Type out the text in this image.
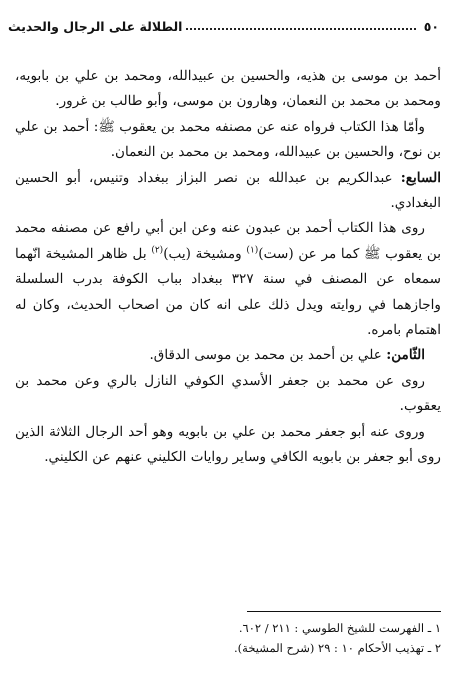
٥٠
الطلالة على الرجال والحديث

أحمد بن موسى بن هذيه، والحسين بن عبيدالله، ومحمد بن علي بن بابويه، ومحمد بن محمد بن النعمان، وهارون بن موسى، وأبو طالب بن غرور.

وأمّا هذا الكتاب فرواه عنه عن مصنفه محمد بن يعقوب ﷺ: أحمد بن علي بن نوح، والحسين بن عبيدالله، ومحمد بن محمد بن النعمان.

السابع: عبدالكريم بن عبدالله بن نصر البزاز ببغداد وتنيس، أبو الحسين البغدادي.

روى هذا الكتاب أحمد بن عبدون عنه وعن ابن أبي رافع عن مصنفه محمد بن يعقوب ﷺ كما مر عن (ست)$^{(١)}$ ومشيخة (يب)$^{(٢)}$ بل ظاهر المشيخة انّهما سمعاه عن المصنف في سنة ٣٢٧ ببغداد بباب الكوفة بدرب السلسلة واجازهما في روايته ويدل ذلك على انه كان من اصحاب الحديث، وكان له اهتمام بامره.

الثّامن: علي بن أحمد بن محمد بن موسى الدقاق.

روى عن محمد بن جعفر الأسدي الكوفي النازل بالري وعن محمد بن يعقوب.

وروى عنه أبو جعفر محمد بن علي بن بابويه وهو أحد الرجال الثلاثة الذين روى أبو جعفر بن بابويه الكافي وساير روايات الكليني عنهم عن الكليني.

١ ـ الفهرست للشيخ الطوسي : ٢١١ / ٦٠٢.

٢ ـ تهذيب الأحكام ١٠ : ٢٩ (شرح المشيخة).
